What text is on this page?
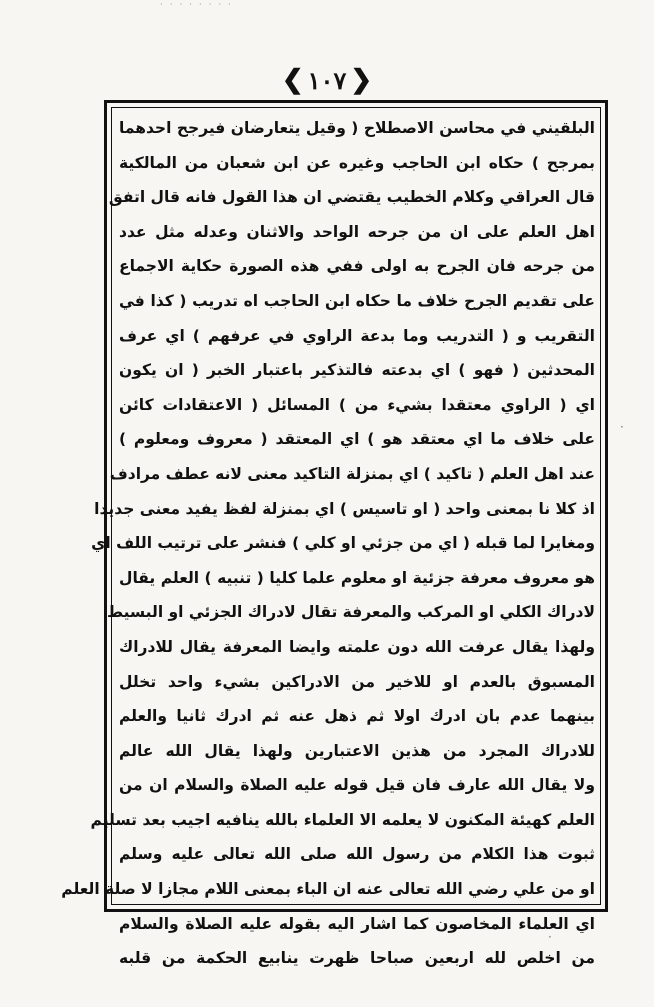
· · · · · · · ·
❮ ١٠٧ ❯
البلقيني في محاسن الاصطلاح ( وقيل يتعارضان فيرجح احدهما
بمرجح ) حكاه ابن الحاجب وغيره عن ابن شعبان من المالكية
قال العراقي وكلام الخطيب يقتضي ان هذا القول فانه قال اتفق
اهل العلم على ان من جرحه الواحد والاثنان وعدله مثل عدد
من جرحه فان الجرح به اولى ففي هذه الصورة حكاية الاجماع
على تقديم الجرح خلاف ما حكاه ابن الحاجب اه تدريب ( كذا في
التقريب و ( التدريب وما بدعة الراوي في عرفهم ) اي عرف
المحدثين ( فهو ) اي بدعته فالتذكير باعتبار الخبر ( ان يكون
اي ( الراوي معتقدا بشيء من ) المسائل ( الاعتقادات كائن
على خلاف ما اي معتقد هو ) اي المعتقد ( معروف ومعلوم )
عند اهل العلم ( تاكيد ) اي بمنزلة التاكيد معنى لانه عطف مرادف
اذ كلا نا بمعنى واحد ( او تاسيس ) اي بمنزلة لفظ يفيد معنى جديدا
ومغايرا لما قبله ( اي من جزئي او كلي ) فنشر على ترتيب اللف اي
هو معروف معرفة جزئية او معلوم علما كليا ( تنبيه ) العلم يقال
لادراك الكلي او المركب والمعرفة تقال لادراك الجزئي او البسيط
ولهذا يقال عرفت الله دون علمته وايضا المعرفة يقال للادراك
المسبوق بالعدم او للاخير من الادراكين بشيء واحد تخلل
بينهما عدم بان ادرك اولا ثم ذهل عنه ثم ادرك ثانيا والعلم
للادراك المجرد من هذين الاعتبارين ولهذا يقال الله عالم
ولا يقال الله عارف فان قيل قوله عليه الصلاة والسلام ان من
العلم كهيئة المكنون لا يعلمه الا العلماء بالله ينافيه اجيب بعد تسليم
ثبوت هذا الكلام من رسول الله صلى الله تعالى عليه وسلم
او من علي رضي الله تعالى عنه ان الباء بمعنى اللام مجازا لا صلة العلم
اي العلماء المخاصون كما اشار اليه بقوله عليه الصلاة والسلام
من اخلص لله اربعين صباحا ظهرت ينابيع الحكمة من قلبه
·
·
